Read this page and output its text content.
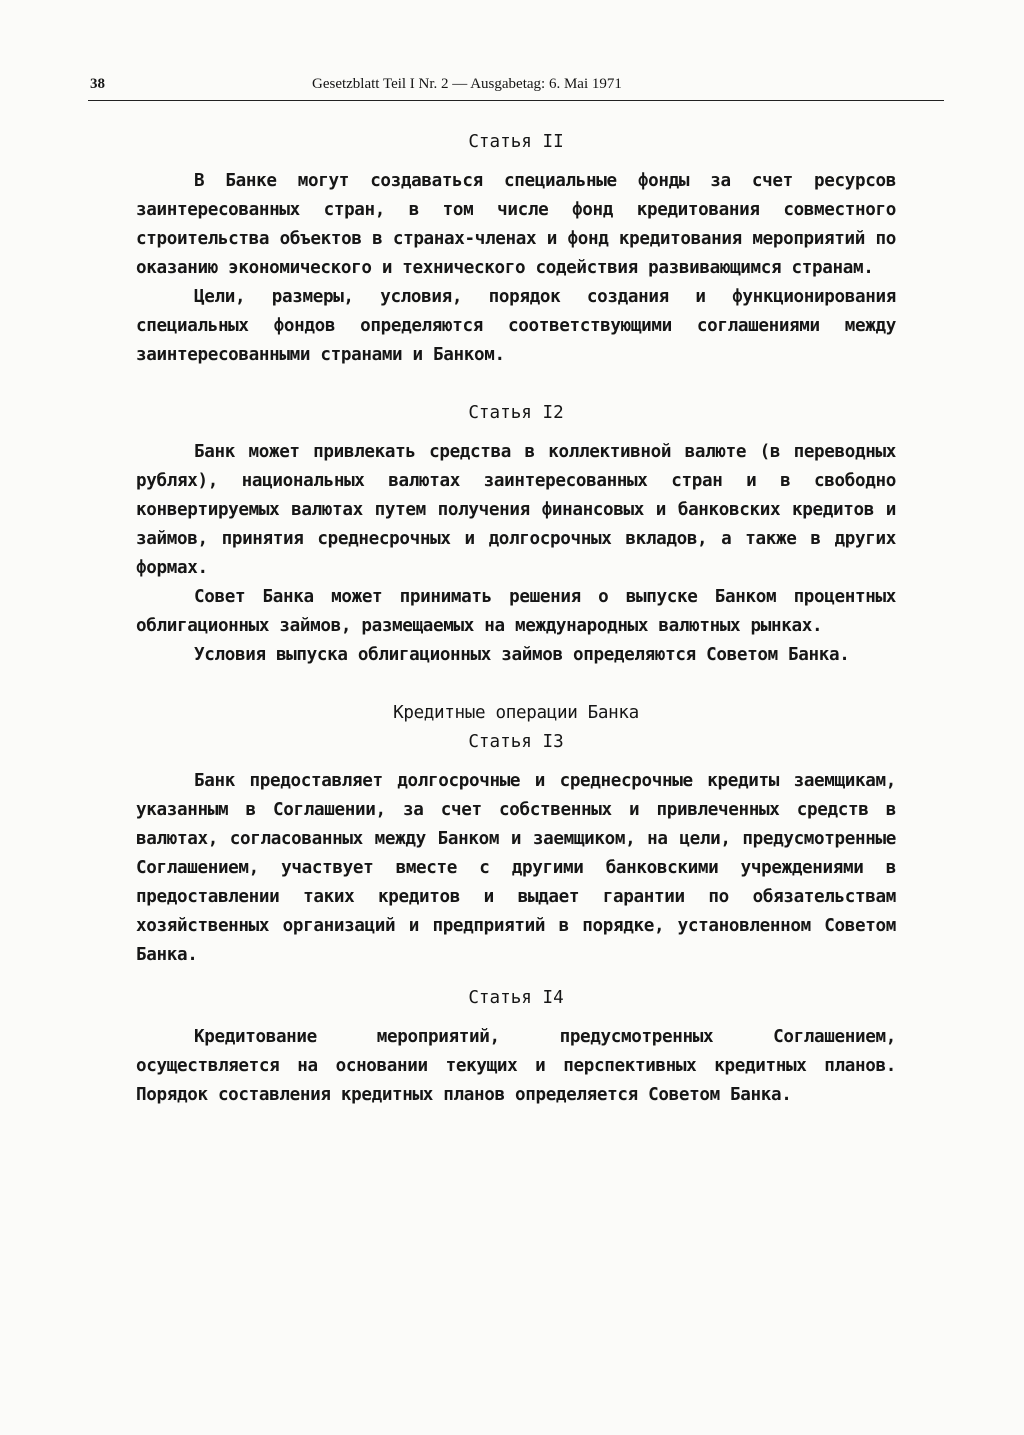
38	Gesetzblatt Teil I Nr. 2 — Ausgabetag: 6. Mai 1971

Статья II

В Банке могут создаваться специальные фонды за счет ресурсов заинтересованных стран, в том числе фонд кредитования совместного строительства объектов в странах-членах и фонд кредитования мероприятий по оказанию экономического и технического содействия развивающимся странам.

Цели, размеры, условия, порядок создания и функционирования специальных фондов определяются соответствующими соглашениями между заинтересованными странами и Банком.

Статья I2

Банк может привлекать средства в коллективной валюте (в переводных рублях), национальных валютах заинтересованных стран и в свободно конвертируемых валютах путем получения финансовых и банковских кредитов и займов, принятия среднесрочных и долгосрочных вкладов, а также в других формах.

Совет Банка может принимать решения о выпуске Банком процентных облигационных займов, размещаемых на международных валютных рынках.

Условия выпуска облигационных займов определяются Советом Банка.

Кредитные операции Банка

Статья I3

Банк предоставляет долгосрочные и среднесрочные кредиты заемщикам, указанным в Соглашении, за счет собственных и привлеченных средств в валютах, согласованных между Банком и заемщиком, на цели, предусмотренные Соглашением, участвует вместе с другими банковскими учреждениями в предоставлении таких кредитов и выдает гарантии по обязательствам хозяйственных организаций и предприятий в порядке, установленном Советом Банка.

Статья I4

Кредитование мероприятий, предусмотренных Соглашением, осуществляется на основании текущих и перспективных кредитных планов. Порядок составления кредитных планов определяется Советом Банка.
